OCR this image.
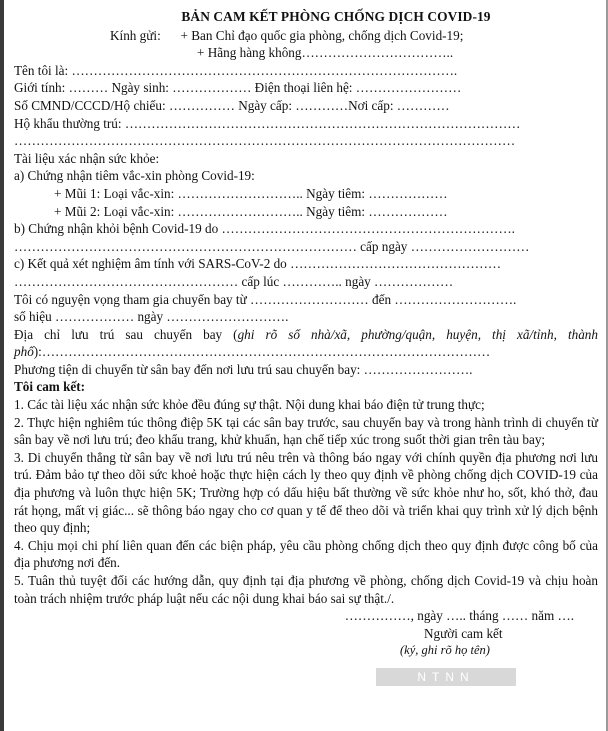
BẢN CAM KẾT PHÒNG CHỐNG DỊCH COVID-19
Kính gửi: + Ban Chỉ đạo quốc gia phòng, chống dịch Covid-19;
+ Hãng hàng không……………………………..
Tên tôi là: …………………………………………………………………………….
Giới tính: ……… Ngày sinh: ……………… Điện thoại liên hệ: ……………………
Số CMND/CCCD/Hộ chiếu: …………… Ngày cấp: …………Nơi cấp: …………
Hộ khẩu thường trú: ………………………………………………………………………………
……………………………………………………………………………………………………
Tài liệu xác nhận sức khỏe:
a) Chứng nhận tiêm vắc-xin phòng Covid-19:
+ Mũi 1: Loại vắc-xin: ……………………….. Ngày tiêm: ………………
+ Mũi 2: Loại vắc-xin: ……………………….. Ngày tiêm: ………………
b) Chứng nhận khỏi bệnh Covid-19 do ………………………………………………………….
…………………………………………………………………… cấp ngày ………………………
c) Kết quả xét nghiệm âm tính với SARS-CoV-2 do …………………………………………
…………………………………………… cấp lúc ………….. ngày ………………
Tôi có nguyện vọng tham gia chuyến bay từ ……………………… đến ……………………….
số hiệu ……………… ngày ……………………….
Địa chỉ lưu trú sau chuyến bay (ghi rõ số nhà/xã, phường/quận, huyện, thị xã/tỉnh, thành phố):…………………………………………………………………………………………
Phương tiện di chuyển từ sân bay đến nơi lưu trú sau chuyến bay: …………………….
Tôi cam kết:
1. Các tài liệu xác nhận sức khỏe đều đúng sự thật. Nội dung khai báo điện tử trung thực;
2. Thực hiện nghiêm túc thông điệp 5K tại các sân bay trước, sau chuyến bay và trong hành trình di chuyển từ sân bay về nơi lưu trú; đeo khẩu trang, khử khuẩn, hạn chế tiếp xúc trong suốt thời gian trên tàu bay;
3. Di chuyển thẳng từ sân bay về nơi lưu trú nêu trên và thông báo ngay với chính quyền địa phương nơi lưu trú. Đảm bảo tự theo dõi sức khoẻ hoặc thực hiện cách ly theo quy định về phòng chống dịch COVID-19 của địa phương và luôn thực hiện 5K; Trường hợp có dấu hiệu bất thường về sức khỏe như ho, sốt, khó thở, đau rát họng, mất vị giác... sẽ thông báo ngay cho cơ quan y tế để theo dõi và triển khai quy trình xử lý dịch bệnh theo quy định;
4. Chịu mọi chi phí liên quan đến các biện pháp, yêu cầu phòng chống dịch theo quy định được công bố của địa phương nơi đến.
5. Tuân thủ tuyệt đối các hướng dẫn, quy định tại địa phương về phòng, chống dịch Covid-19 và chịu hoàn toàn trách nhiệm trước pháp luật nếu các nội dung khai báo sai sự thật./.
……………, ngày ….. tháng …… năm ….
Người cam kết
(ký, ghi rõ họ tên)
NTNN
